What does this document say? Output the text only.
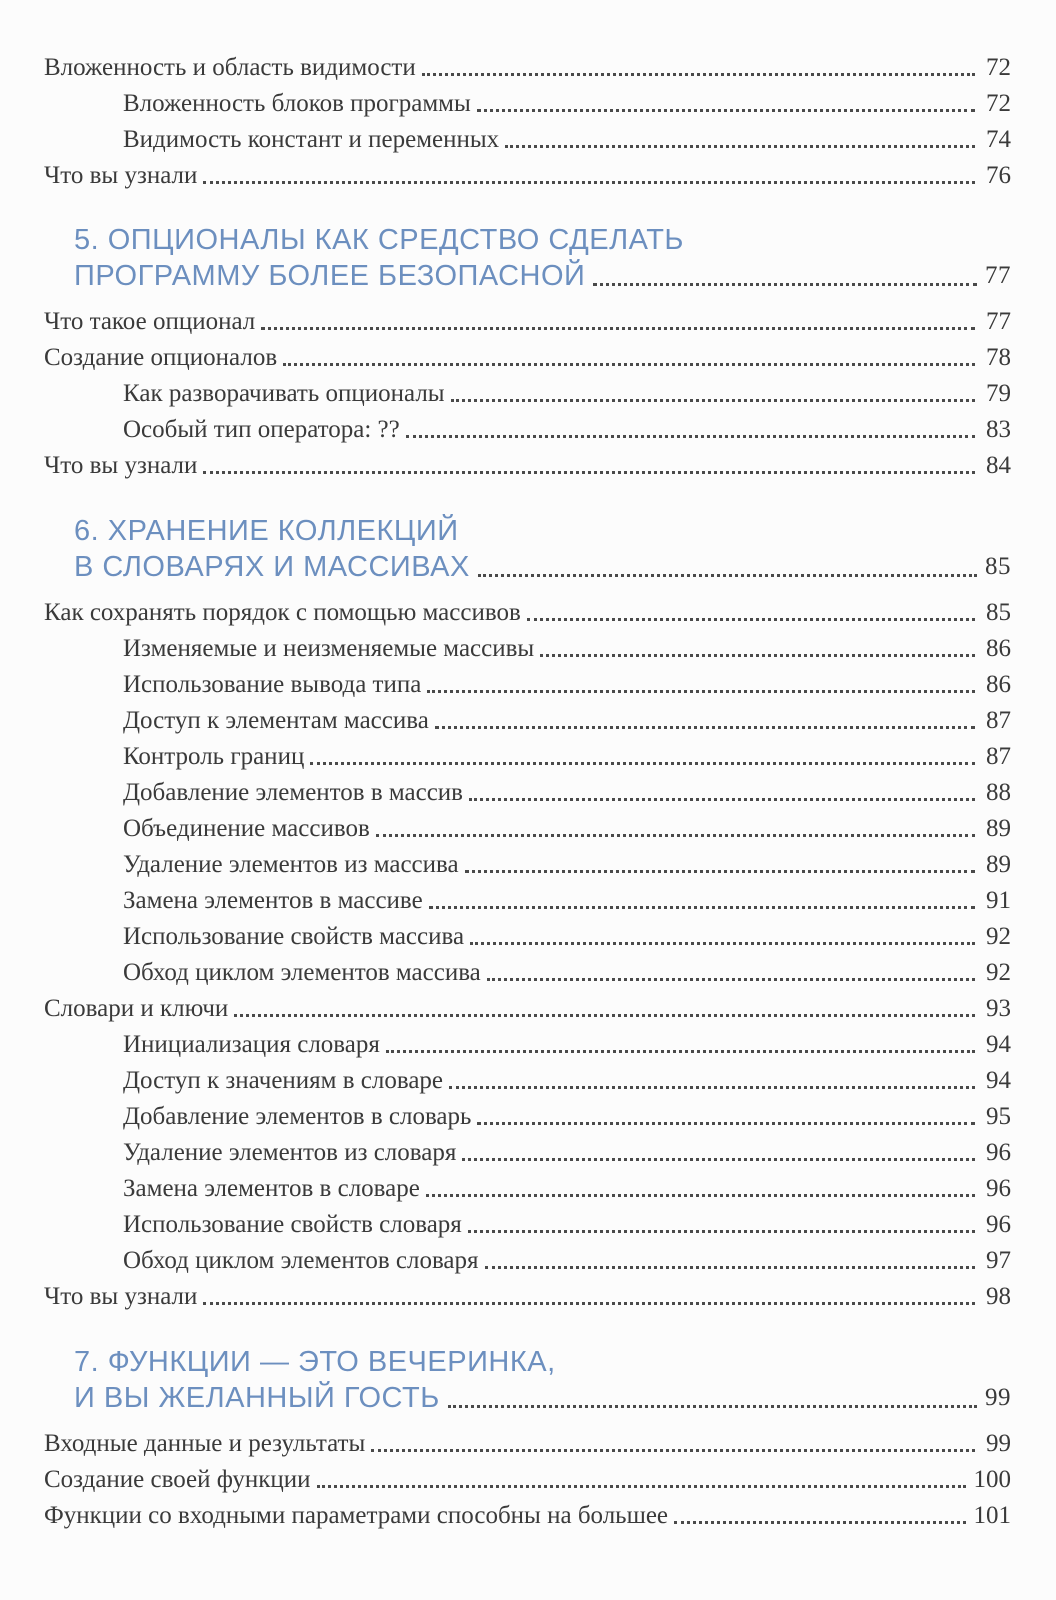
Вложенность и область видимости	72
Вложенность блоков программы	72
Видимость констант и переменных	74
Что вы узнали	76
5. ОПЦИОНАЛЫ КАК СРЕДСТВО СДЕЛАТЬ
ПРОГРАММУ БОЛЕЕ БЕЗОПАСНОЙ	77
Что такое опционал	77
Создание опционалов	78
Как разворачивать опционалы	79
Особый тип оператора: ??	83
Что вы узнали	84
6. ХРАНЕНИЕ КОЛЛЕКЦИЙ
В СЛОВАРЯХ И МАССИВАХ	85
Как сохранять порядок с помощью массивов	85
Изменяемые и неизменяемые массивы	86
Использование вывода типа	86
Доступ к элементам массива	87
Контроль границ	87
Добавление элементов в массив	88
Объединение массивов	89
Удаление элементов из массива	89
Замена элементов в массиве	91
Использование свойств массива	92
Обход циклом элементов массива	92
Словари и ключи	93
Инициализация словаря	94
Доступ к значениям в словаре	94
Добавление элементов в словарь	95
Удаление элементов из словаря	96
Замена элементов в словаре	96
Использование свойств словаря	96
Обход циклом элементов словаря	97
Что вы узнали	98
7. ФУНКЦИИ — ЭТО ВЕЧЕРИНКА,
И ВЫ ЖЕЛАННЫЙ ГОСТЬ	99
Входные данные и результаты	99
Создание своей функции	100
Функции со входными параметрами способны на большее	101
